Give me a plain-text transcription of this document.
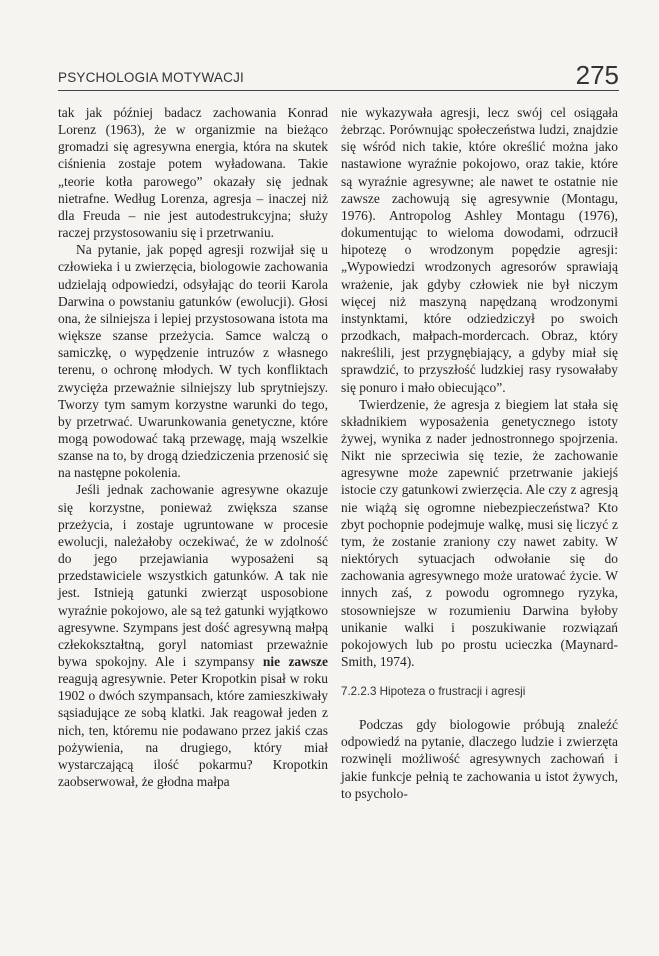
PSYCHOLOGIA MOTYWACJI	275

tak jak później badacz zachowania Konrad Lorenz (1963), że w organizmie na bieżąco gromadzi się agresywna energia, która na skutek ciśnienia zostaje potem wyładowana. Takie „teorie kotła parowego” okazały się jednak nietrafne. Według Lorenza, agresja – inaczej niż dla Freuda – nie jest autodestrukcyjna; służy raczej przystosowaniu się i przetrwaniu.

Na pytanie, jak popęd agresji rozwijał się u człowieka i u zwierzęcia, biologowie zachowania udzielają odpowiedzi, odsyłając do teorii Karola Darwina o powstaniu gatunków (ewolucji). Głosi ona, że silniejsza i lepiej przystosowana istota ma większe szanse przeżycia. Samce walczą o samiczkę, o wypędzenie intruzów z własnego terenu, o ochronę młodych. W tych konfliktach zwycięża przeważnie silniejszy lub sprytniejszy. Tworzy tym samym korzystne warunki do tego, by przetrwać. Uwarunkowania genetyczne, które mogą powodować taką przewagę, mają wszelkie szanse na to, by drogą dziedziczenia przenosić się na następne pokolenia.

Jeśli jednak zachowanie agresywne okazuje się korzystne, ponieważ zwiększa szanse przeżycia, i zostaje ugruntowane w procesie ewolucji, należałoby oczekiwać, że w zdolność do jego przejawiania wyposażeni są przedstawiciele wszystkich gatunków. A tak nie jest. Istnieją gatunki zwierząt usposobione wyraźnie pokojowo, ale są też gatunki wyjątkowo agresywne. Szympans jest dość agresywną małpą człekokształtną, goryl natomiast przeważnie bywa spokojny. Ale i szympansy nie zawsze reagują agresywnie. Peter Kropotkin pisał w roku 1902 o dwóch szympansach, które zamieszkiwały sąsiadujące ze sobą klatki. Jak reagował jeden z nich, ten, któremu nie podawano przez jakiś czas pożywienia, na drugiego, który miał wystarczającą ilość pokarmu? Kropotkin zaobserwował, że głodna małpa

nie wykazywała agresji, lecz swój cel osiągała żebrząc. Porównując społeczeństwa ludzi, znajdzie się wśród nich takie, które określić można jako nastawione wyraźnie pokojowo, oraz takie, które są wyraźnie agresywne; ale nawet te ostatnie nie zawsze zachowują się agresywnie (Montagu, 1976). Antropolog Ashley Montagu (1976), dokumentując to wieloma dowodami, odrzucił hipotezę o wrodzonym popędzie agresji: „Wypowiedzi wrodzonych agresorów sprawiają wrażenie, jak gdyby człowiek nie był niczym więcej niż maszyną napędzaną wrodzonymi instynktami, które odziedziczył po swoich przodkach, małpach-mordercach. Obraz, który nakreślili, jest przygnębiający, a gdyby miał się sprawdzić, to przyszłość ludzkiej rasy rysowałaby się ponuro i mało obiecująco”.

Twierdzenie, że agresja z biegiem lat stała się składnikiem wyposażenia genetycznego istoty żywej, wynika z nader jednostronnego spojrzenia. Nikt nie sprzeciwia się tezie, że zachowanie agresywne może zapewnić przetrwanie jakiejś istocie czy gatunkowi zwierzęcia. Ale czy z agresją nie wiążą się ogromne niebezpieczeństwa? Kto zbyt pochopnie podejmuje walkę, musi się liczyć z tym, że zostanie zraniony czy nawet zabity. W niektórych sytuacjach odwołanie się do zachowania agresywnego może uratować życie. W innych zaś, z powodu ogromnego ryzyka, stosowniejsze w rozumieniu Darwina byłoby unikanie walki i poszukiwanie rozwiązań pokojowych lub po prostu ucieczka (Maynard-Smith, 1974).

7.2.2.3 Hipoteza o frustracji i agresji

Podczas gdy biologowie próbują znaleźć odpowiedź na pytanie, dlaczego ludzie i zwierzęta rozwinęli możliwość agresywnych zachowań i jakie funkcje pełnią te zachowania u istot żywych, to psycholo-
